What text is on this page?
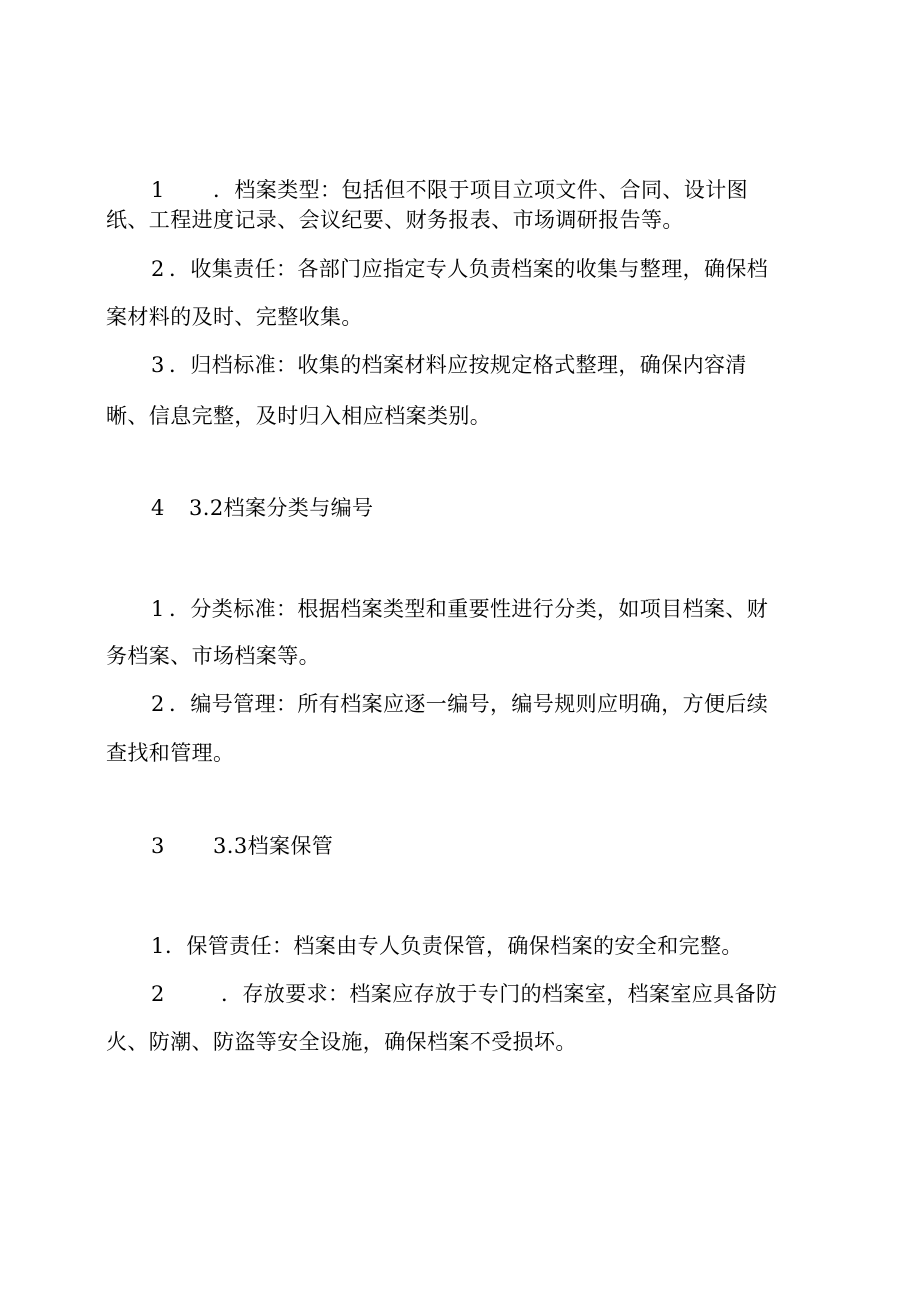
1 ．档案类型：包括但不限于项目立项文件、合同、设计图
纸、工程进度记录、会议纪要、财务报表、市场调研报告等。
2 ．收集责任：各部门应指定专人负责档案的收集与整理，确保档
案材料的及时、完整收集。
3 ．归档标准：收集的档案材料应按规定格式整理，确保内容清
晰、信息完整，及时归入相应档案类别。
4 3.2档案分类与编号
1 ．分类标准：根据档案类型和重要性进行分类，如项目档案、财
务档案、市场档案等。
2 ．编号管理：所有档案应逐一编号，编号规则应明确，方便后续
查找和管理。
3 3.3档案保管
1．保管责任：档案由专人负责保管，确保档案的安全和完整。
2	．存放要求：档案应存放于专门的档案室，档案室应具备防
火、防潮、防盗等安全设施，确保档案不受损坏。
